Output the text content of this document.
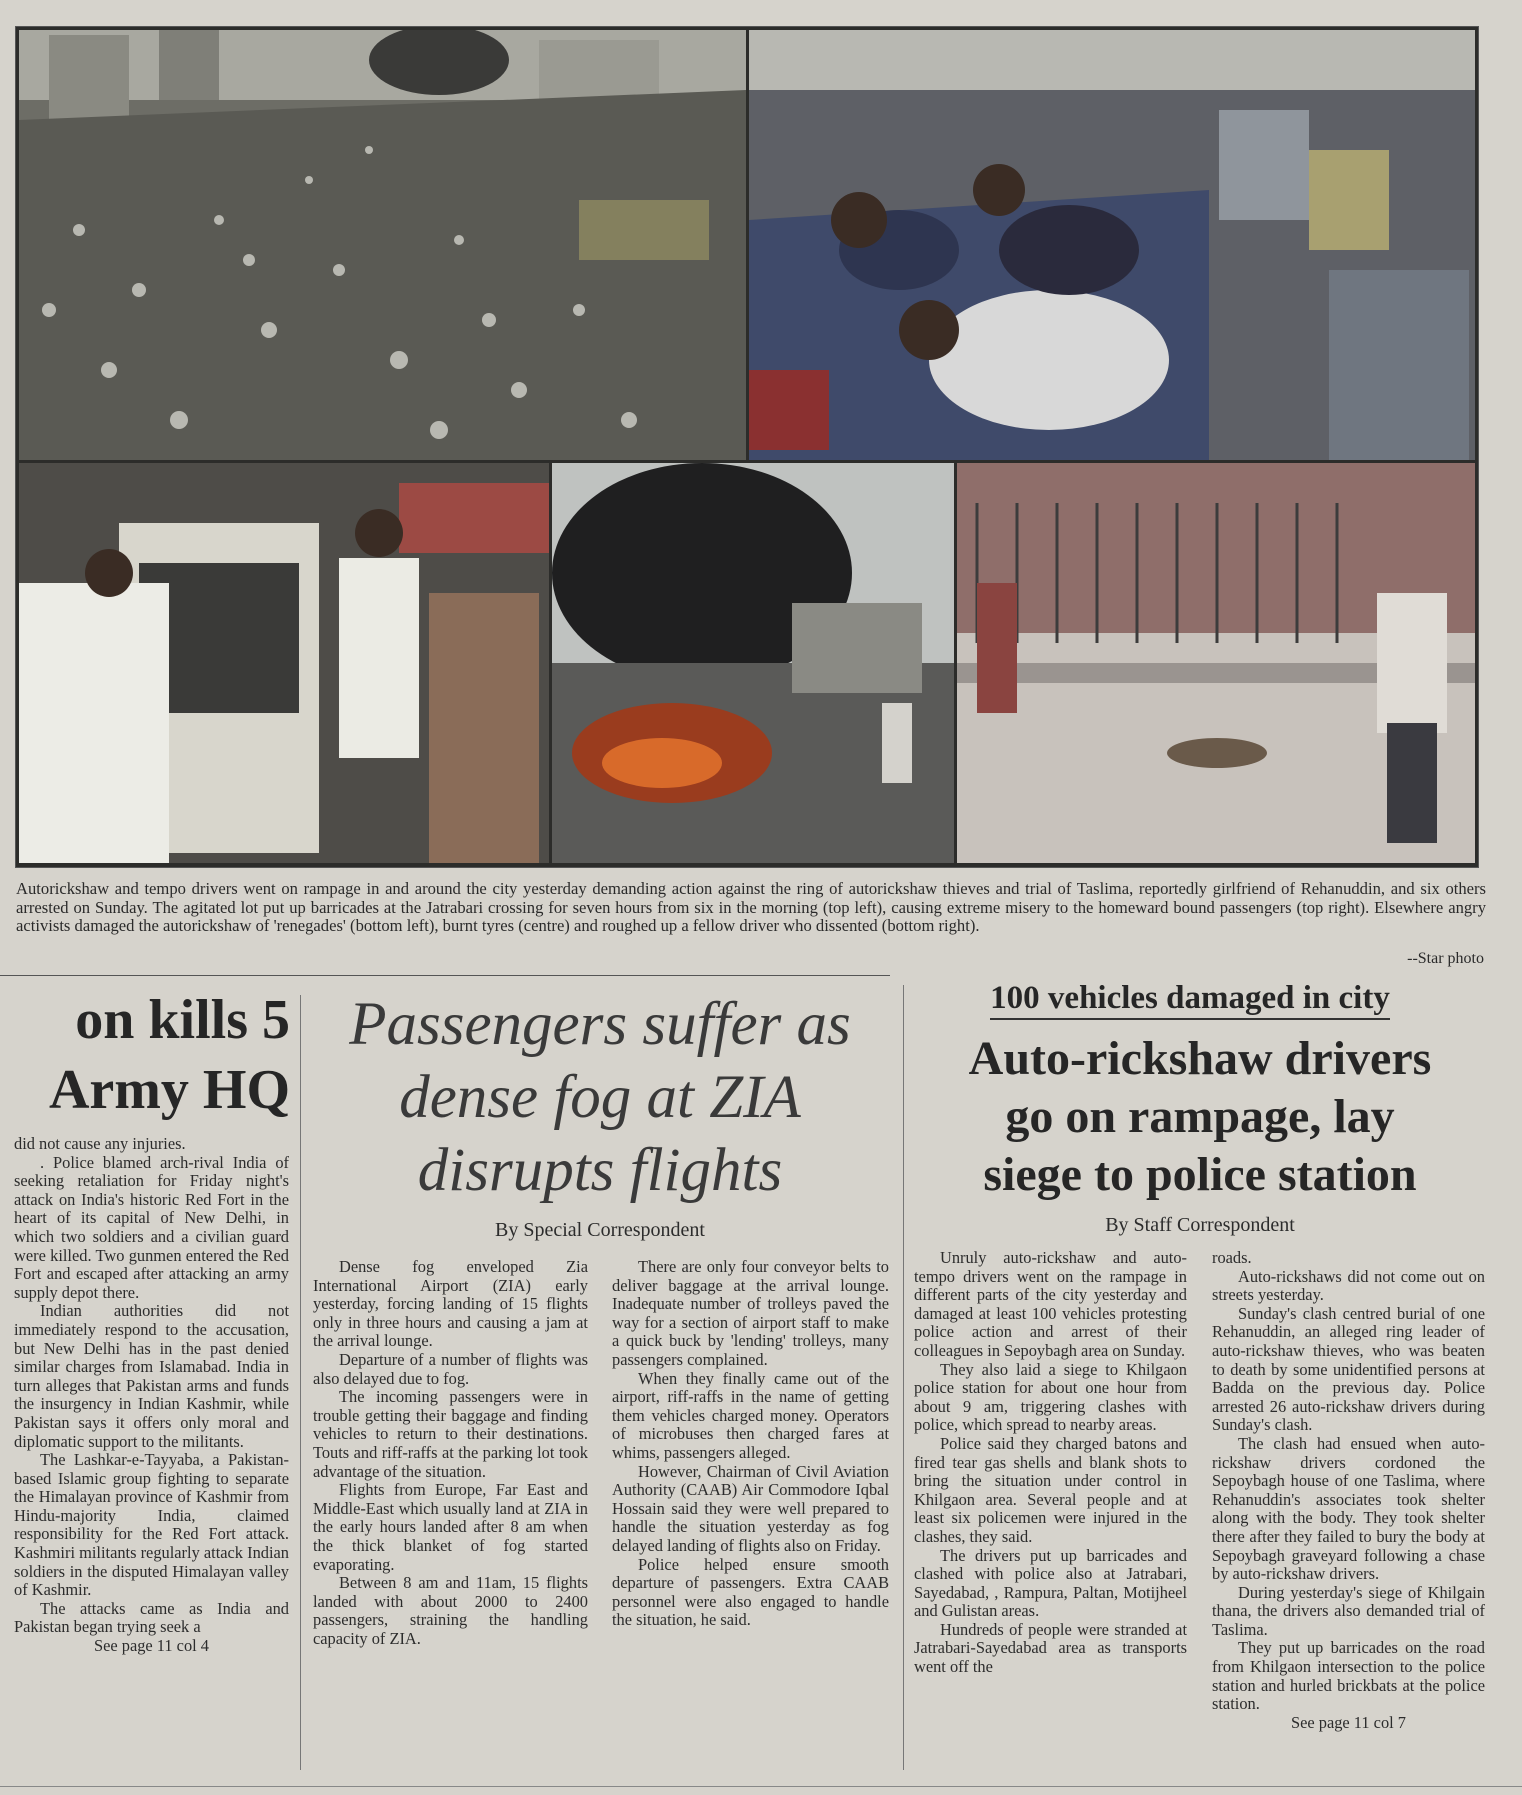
Autorickshaw and tempo drivers went on rampage in and around the city yesterday demanding action against the ring of autorickshaw thieves and trial of Taslima, reportedly girlfriend of Rehanuddin, and six others arrested on Sunday. The agitated lot put up barricades at the Jatrabari crossing for seven hours from six in the morning (top left), causing extreme misery to the homeward bound passengers (top right). Elsewhere angry activists damaged the autorickshaw of 'renegades' (bottom left), burnt tyres (centre) and roughed up a fellow driver who dissented (bottom right).
--Star photo
on kills 5
Army HQ

did not cause any injuries.

. Police blamed arch-rival India of seeking retaliation for Friday night's attack on India's historic Red Fort in the heart of its capital of New Delhi, in which two soldiers and a civilian guard were killed. Two gunmen entered the Red Fort and escaped after attacking an army supply depot there.

Indian authorities did not immediately respond to the accusation, but New Delhi has in the past denied similar charges from Islamabad. India in turn alleges that Pakistan arms and funds the insurgency in Indian Kashmir, while Pakistan says it offers only moral and diplomatic support to the militants.

The Lashkar-e-Tayyaba, a Pakistan-based Islamic group fighting to separate the Himalayan province of Kashmir from Hindu-majority India, claimed responsibility for the Red Fort attack. Kashmiri militants regularly attack Indian soldiers in the disputed Himalayan valley of Kashmir.

The attacks came as India and Pakistan began trying seek a

See page 11 col 4

Passengers suffer as
dense fog at ZIA
disrupts flights
By Special Correspondent

Dense fog enveloped Zia International Airport (ZIA) early yesterday, forcing landing of 15 flights only in three hours and causing a jam at the arrival lounge.

Departure of a number of flights was also delayed due to fog.

The incoming passengers were in trouble getting their baggage and finding vehicles to return to their destinations. Touts and riff-raffs at the parking lot took advantage of the situation.

Flights from Europe, Far East and Middle-East which usually land at ZIA in the early hours landed after 8 am when the thick blanket of fog started evaporating.

Between 8 am and 11am, 15 flights landed with about 2000 to 2400 passengers, straining the handling capacity of ZIA.

There are only four conveyor belts to deliver baggage at the arrival lounge. Inadequate number of trolleys paved the way for a section of airport staff to make a quick buck by 'lending' trolleys, many passengers complained.

When they finally came out of the airport, riff-raffs in the name of getting them vehicles charged money. Operators of microbuses then charged fares at whims, passengers alleged.

However, Chairman of Civil Aviation Authority (CAAB) Air Commodore Iqbal Hossain said they were well prepared to handle the situation yesterday as fog delayed landing of flights also on Friday.

Police helped ensure smooth departure of passengers. Extra CAAB personnel were also engaged to handle the situation, he said.

100 vehicles damaged in city
Auto-rickshaw drivers
go on rampage, lay
siege to police station
By Staff Correspondent

Unruly auto-rickshaw and auto-tempo drivers went on the rampage in different parts of the city yesterday and damaged at least 100 vehicles protesting police action and arrest of their colleagues in Sepoybagh area on Sunday.

They also laid a siege to Khilgaon police station for about one hour from about 9 am, triggering clashes with police, which spread to nearby areas.

Police said they charged batons and fired tear gas shells and blank shots to bring the situation under control in Khilgaon area. Several people and at least six policemen were injured in the clashes, they said.

The drivers put up barricades and clashed with police also at Jatrabari, Sayedabad, , Rampura, Paltan, Motijheel and Gulistan areas.

Hundreds of people were stranded at Jatrabari-Sayedabad area as transports went off the

roads.

Auto-rickshaws did not come out on streets yesterday.

Sunday's clash centred burial of one Rehanuddin, an alleged ring leader of auto-rickshaw thieves, who was beaten to death by some unidentified persons at Badda on the previous day. Police arrested 26 auto-rickshaw drivers during Sunday's clash.

The clash had ensued when auto-rickshaw drivers cordoned the Sepoybagh house of one Taslima, where Rehanuddin's associates took shelter along with the body. They took shelter there after they failed to bury the body at Sepoybagh graveyard following a chase by auto-rickshaw drivers.

During yesterday's siege of Khilgain thana, the drivers also demanded trial of Taslima.

They put up barricades on the road from Khilgaon intersection to the police station and hurled brickbats at the police station.

See page 11 col 7
